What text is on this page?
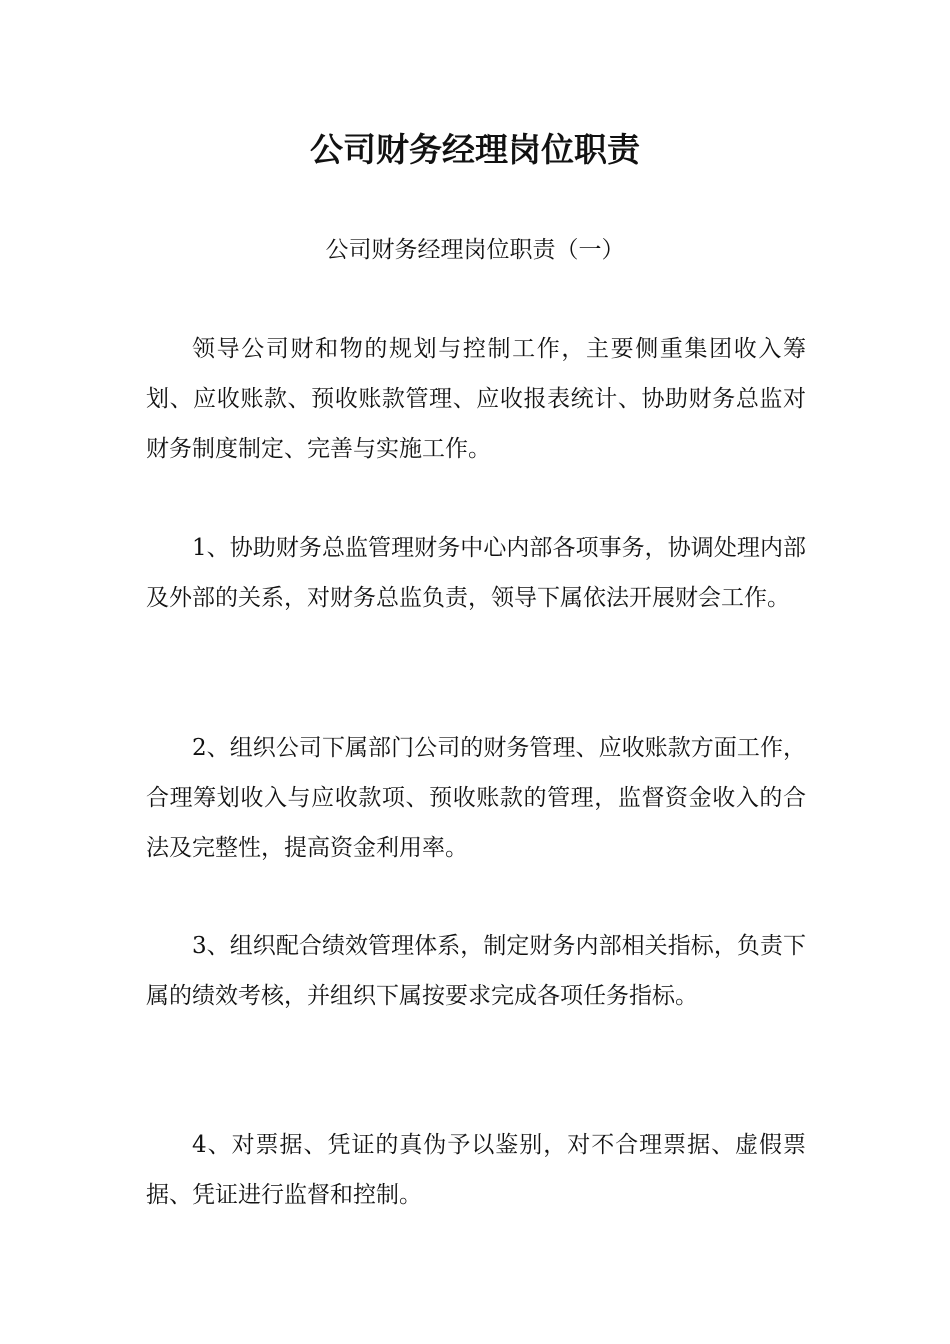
公司财务经理岗位职责
公司财务经理岗位职责（一）

领导公司财和物的规划与控制工作，主要侧重集团收入筹划、应收账款、预收账款管理、应收报表统计、协助财务总监对财务制度制定、完善与实施工作。

1、协助财务总监管理财务中心内部各项事务，协调处理内部及外部的关系，对财务总监负责，领导下属依法开展财会工作。

2、组织公司下属部门公司的财务管理、应收账款方面工作，合理筹划收入与应收款项、预收账款的管理，监督资金收入的合法及完整性，提高资金利用率。

3、组织配合绩效管理体系，制定财务内部相关指标，负责下属的绩效考核，并组织下属按要求完成各项任务指标。

4、对票据、凭证的真伪予以鉴别，对不合理票据、虚假票据、凭证进行监督和控制。
